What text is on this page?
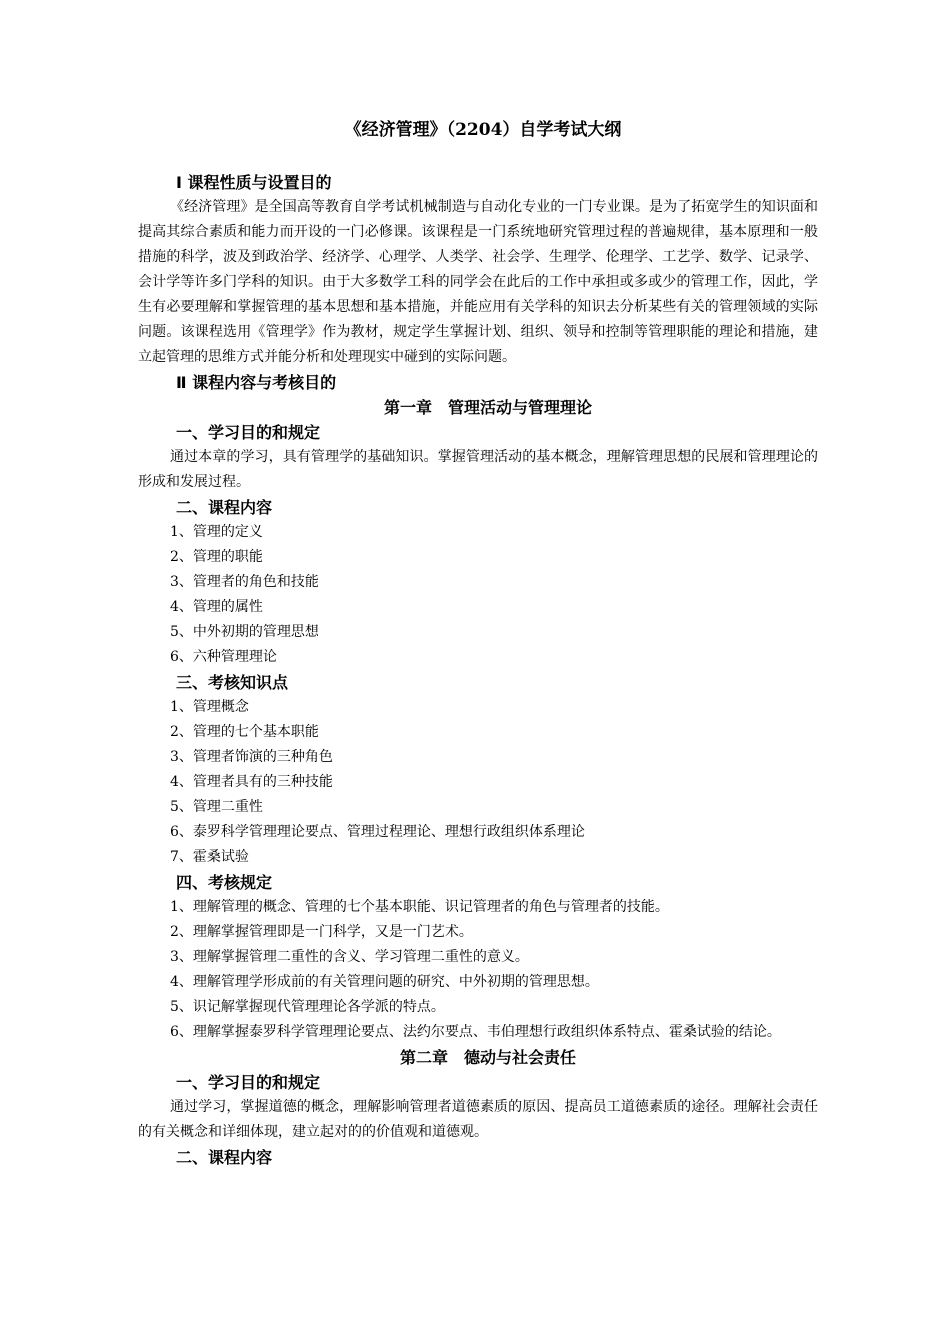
《经济管理》（2204）自学考试大纲

Ⅰ 课程性质与设置目的

《经济管理》是全国高等教育自学考试机械制造与自动化专业的一门专业课。是为了拓宽学生的知识面和提高其综合素质和能力而开设的一门必修课。该课程是一门系统地研究管理过程的普遍规律，基本原理和一般措施的科学，波及到政治学、经济学、心理学、人类学、社会学、生理学、伦理学、工艺学、数学、记录学、会计学等许多门学科的知识。由于大多数学工科的同学会在此后的工作中承担或多或少的管理工作，因此，学生有必要理解和掌握管理的基本思想和基本措施，并能应用有关学科的知识去分析某些有关的管理领域的实际问题。该课程选用《管理学》作为教材，规定学生掌握计划、组织、领导和控制等管理职能的理论和措施，建立起管理的思维方式并能分析和处理现实中碰到的实际问题。

Ⅱ 课程内容与考核目的

第一章　管理活动与管理理论

一、学习目的和规定

通过本章的学习，具有管理学的基础知识。掌握管理活动的基本概念，理解管理思想的民展和管理理论的形成和发展过程。

二、课程内容

1、管理的定义

2、管理的职能

3、管理者的角色和技能

4、管理的属性

5、中外初期的管理思想

6、六种管理理论

三、考核知识点

1、管理概念

2、管理的七个基本职能

3、管理者饰演的三种角色

4、管理者具有的三种技能

5、管理二重性

6、泰罗科学管理理论要点、管理过程理论、理想行政组织体系理论

7、霍桑试验

四、考核规定

1、理解管理的概念、管理的七个基本职能、识记管理者的角色与管理者的技能。

2、理解掌握管理即是一门科学，又是一门艺术。

3、理解掌握管理二重性的含义、学习管理二重性的意义。

4、理解管理学形成前的有关管理问题的研究、中外初期的管理思想。

5、识记解掌握现代管理理论各学派的特点。

6、理解掌握泰罗科学管理理论要点、法约尔要点、韦伯理想行政组织体系特点、霍桑试验的结论。

第二章　德动与社会责任

一、学习目的和规定

通过学习，掌握道德的概念，理解影响管理者道德素质的原因、提高员工道德素质的途径。理解社会责任的有关概念和详细体现，建立起对的的价值观和道德观。

二、课程内容
